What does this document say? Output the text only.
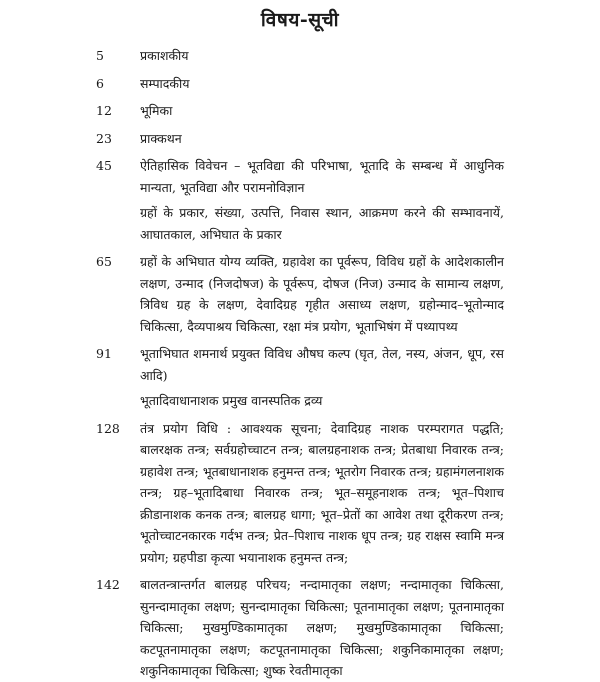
विषय-सूची
5	प्रकाशकीय
6	सम्पादकीय
12	भूमिका
23	प्राक्कथन
45	ऐतिहासिक विवेचन – भूतविद्या की परिभाषा, भूतादि के सम्बन्ध में आधुनिक मान्यता, भूतविद्या और परामनोविज्ञान
ग्रहों के प्रकार, संख्या, उत्पत्ति, निवास स्थान, आक्रमण करने की सम्भावनायें, आघातकाल, अभिघात के प्रकार
65	ग्रहों के अभिघात योग्य व्यक्ति, ग्रहावेश का पूर्वरूप, विविध ग्रहों के आदेशकालीन लक्षण, उन्माद (निजदोषज) के पूर्वरूप, दोषज (निज) उन्माद के सामान्य लक्षण, त्रिविध ग्रह के लक्षण, देवादिग्रह गृहीत असाध्य लक्षण, ग्रहोन्माद–भूतोन्माद चिकित्सा, दैव्यपाश्रय चिकित्सा, रक्षा मंत्र प्रयोग, भूताभिषंग में पथ्यापथ्य
91	भूताभिघात शमनार्थ प्रयुक्त विविध औषघ कल्प (घृत, तेल, नस्य, अंजन, धूप, रस आदि)
भूतादिवाधानाशक प्रमुख वानस्पतिक द्रव्य
128	तंत्र प्रयोग विधि : आवश्यक सूचना; देवादिग्रह नाशक परम्परागत पद्धति; बालरक्षक तन्त्र; सर्वग्रहोच्चाटन तन्त्र; बालग्रहनाशक तन्त्र; प्रेतबाधा निवारक तन्त्र; ग्रहावेश तन्त्र; भूतबाधानाशक हनुमन्त तन्त्र; भूतरोग निवारक तन्त्र; ग्रहामंगलनाशक तन्त्र; ग्रह–भूतादिबाधा निवारक तन्त्र; भूत–समूहनाशक तन्त्र; भूत–पिशाच क्रीडानाशक कनक तन्त्र; बालग्रह धागा; भूत–प्रेतों का आवेश तथा दूरीकरण तन्त्र; भूतोच्चाटनकारक गर्दभ तन्त्र; प्रेत–पिशाच नाशक धूप तन्त्र; ग्रह राक्षस स्वामि मन्त्र प्रयोग; ग्रहपीडा कृत्या भयानाशक हनुमन्त तन्त्र;
142	बालतन्त्रान्तर्गत बालग्रह परिचय; नन्दामातृका लक्षण; नन्दामातृका चिकित्सा, सुनन्दामातृका लक्षण; सुनन्दामातृका चिकित्सा; पूतनामातृका लक्षण; पूतनामातृका चिकित्सा; मुखमुण्डिकामातृका लक्षण; मुखमुण्डिकामातृका चिकित्सा; कटपूतनामातृका लक्षण; कटपूतनामातृका चिकित्सा; शकुनिकामातृका लक्षण; शकुनिकामातृका चिकित्सा; शुष्क रेवतीमातृका
